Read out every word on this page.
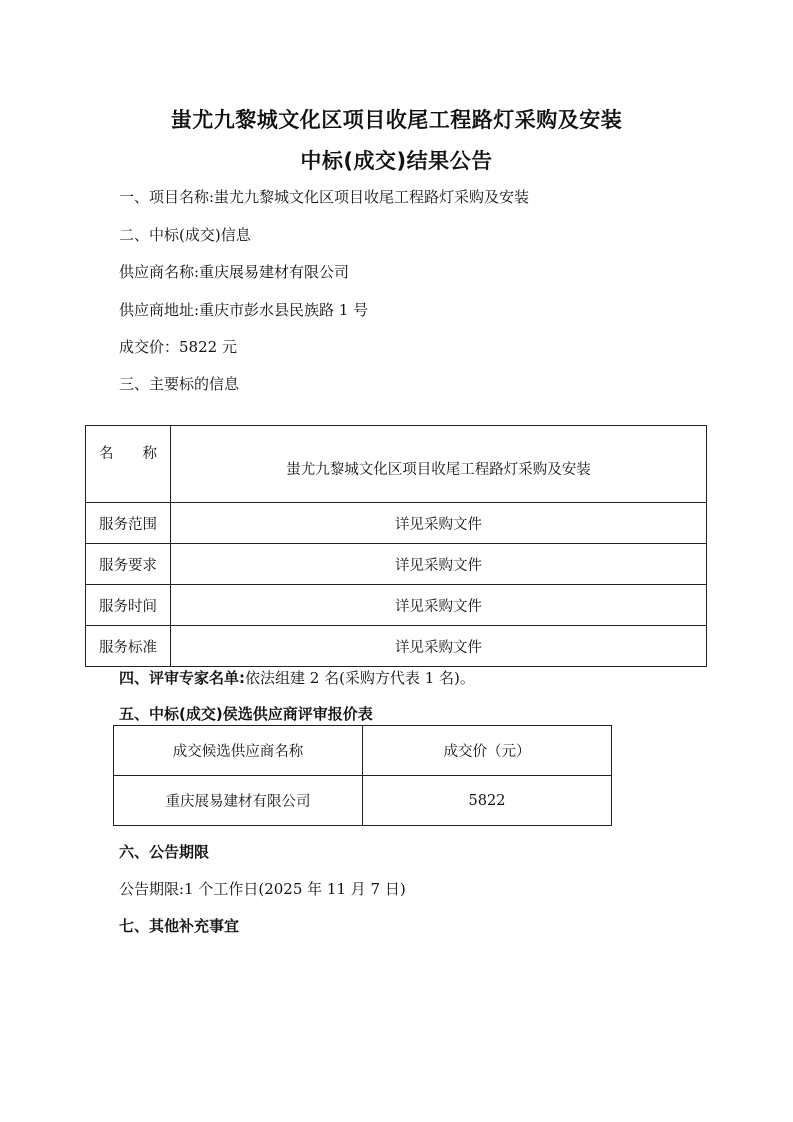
蚩尤九黎城文化区项目收尾工程路灯采购及安装
中标(成交)结果公告
一、项目名称:蚩尤九黎城文化区项目收尾工程路灯采购及安装
二、中标(成交)信息
供应商名称:重庆展易建材有限公司
供应商地址:重庆市彭水县民族路 1 号
成交价：5822 元
三、主要标的信息
名　　称	蚩尤九黎城文化区项目收尾工程路灯采购及安装
服务范围	详见采购文件
服务要求	详见采购文件
服务时间	详见采购文件
服务标准	详见采购文件
四、评审专家名单:依法组建 2 名(采购方代表 1 名)。
五、中标(成交)侯选供应商评审报价表
成交候选供应商名称	成交价（元）
重庆展易建材有限公司	5822
六、公告期限
公告期限:1 个工作日(2025 年 11 月 7 日)
七、其他补充事宜
